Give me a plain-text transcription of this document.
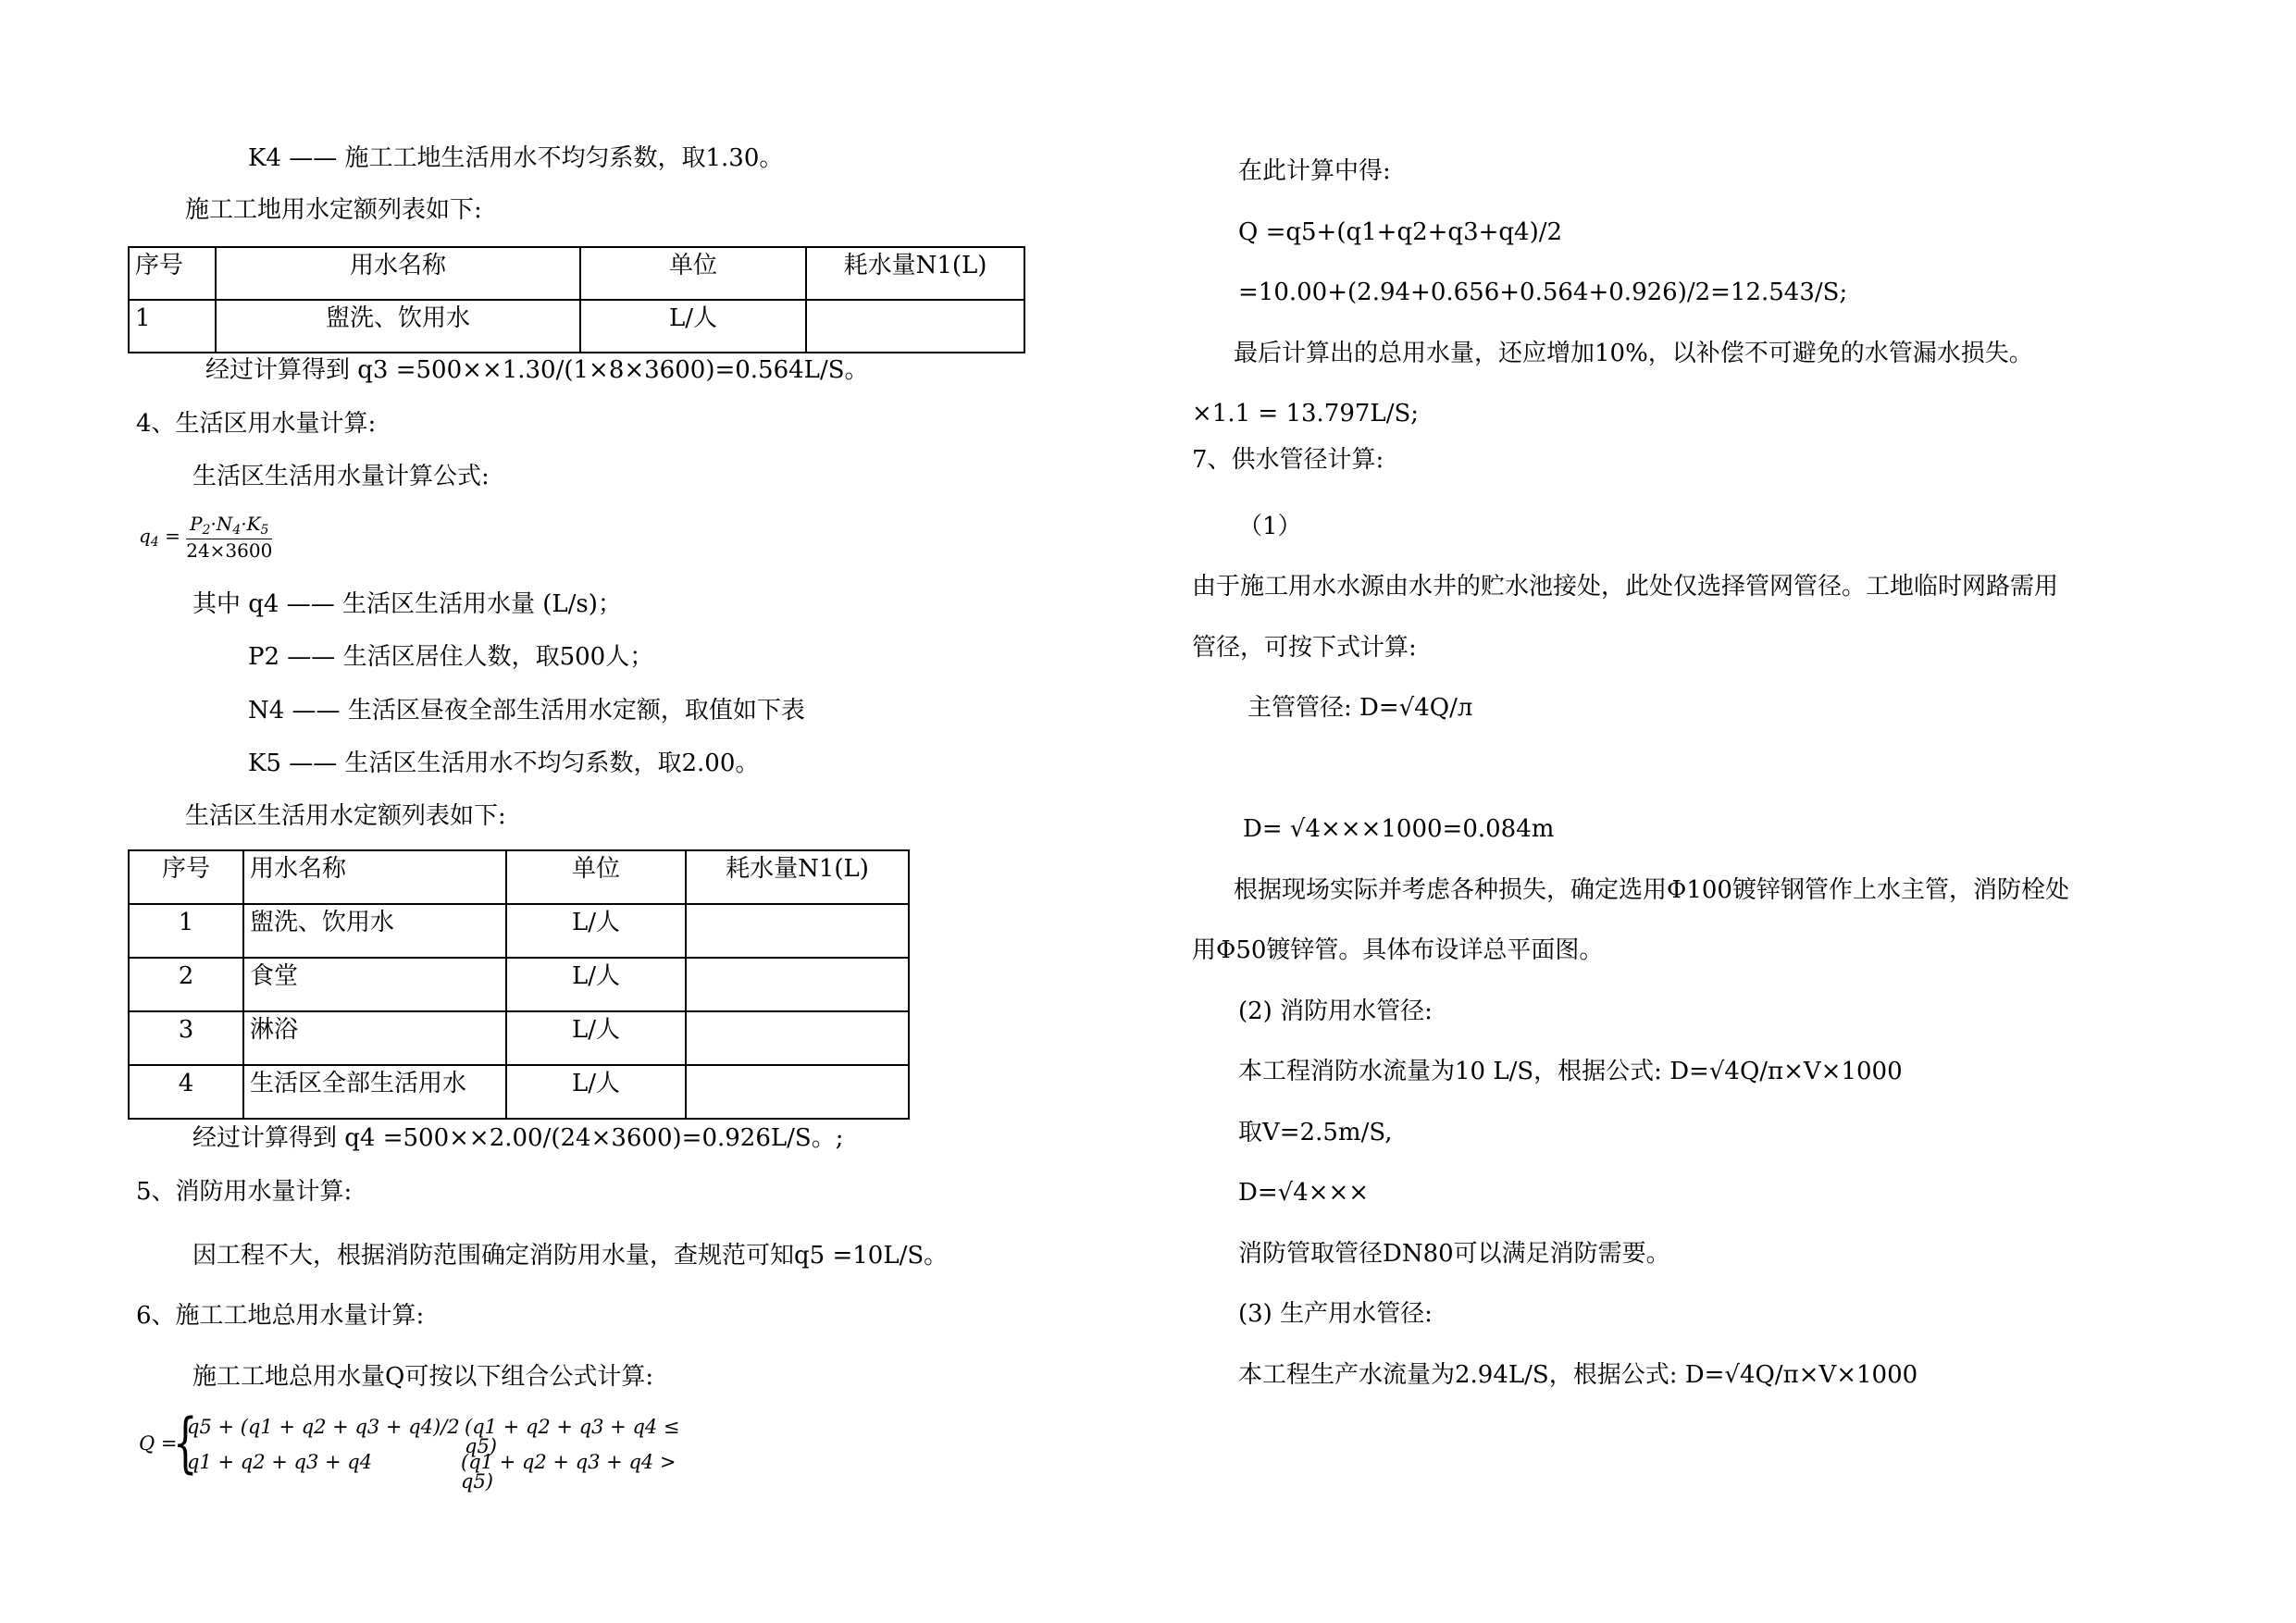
K4 —— 施工工地生活用水不均匀系数，取1.30。
施工工地用水定额列表如下:
序号	用水名称	单位	耗水量N1(L)
1	盥洗、饮用水	L/人	
经过计算得到 q3 =500××1.30/(1×8×3600)=0.564L/S。
4、生活区用水量计算:
生活区生活用水量计算公式:
$q_4 = \frac{P_2\cdot N_4\cdot K_5}{24\times 3600}$
其中 q4 —— 生活区生活用水量 (L/s)；
P2 —— 生活区居住人数，取500人；
N4 —— 生活区昼夜全部生活用水定额，取值如下表
K5 —— 生活区生活用水不均匀系数，取2.00。
生活区生活用水定额列表如下:
序号	用水名称	单位	耗水量N1(L)
1	盥洗、饮用水	L/人	
2	食堂	L/人	
3	淋浴	L/人	
4	生活区全部生活用水	L/人	
经过计算得到 q4 =500××2.00/(24×3600)=0.926L/S。;
5、消防用水量计算:
因工程不大，根据消防范围确定消防用水量，查规范可知q5 =10L/S。
6、施工工地总用水量计算:
施工工地总用水量Q可按以下组合公式计算:
Q =
{
q5 + (q1 + q2 + q3 + q4)/2 (q1 + q2 + q3 + q4 ≤ q5)
q1 + q2 + q3 + q4	(q1 + q2 + q3 + q4 > q5)
在此计算中得:
Q =q5+(q1+q2+q3+q4)/2
=10.00+(2.94+0.656+0.564+0.926)/2=12.543/S;
最后计算出的总用水量，还应增加10%，以补偿不可避免的水管漏水损失。
×1.1 = 13.797L/S;
7、供水管径计算:
（1）
由于施工用水水源由水井的贮水池接处，此处仅选择管网管径。工地临时网路需用
管径，可按下式计算:
主管管径: D=√4Q/л
D= √4×××1000=0.084m
根据现场实际并考虑各种损失，确定选用Φ100镀锌钢管作上水主管，消防栓处
用Φ50镀锌管。具体布设详总平面图。
(2) 消防用水管径:
本工程消防水流量为10 L/S，根据公式: D=√4Q/π×V×1000
取V=2.5m/S,
D=√4×××
消防管取管径DN80可以满足消防需要。
(3) 生产用水管径:
本工程生产水流量为2.94L/S，根据公式: D=√4Q/π×V×1000
